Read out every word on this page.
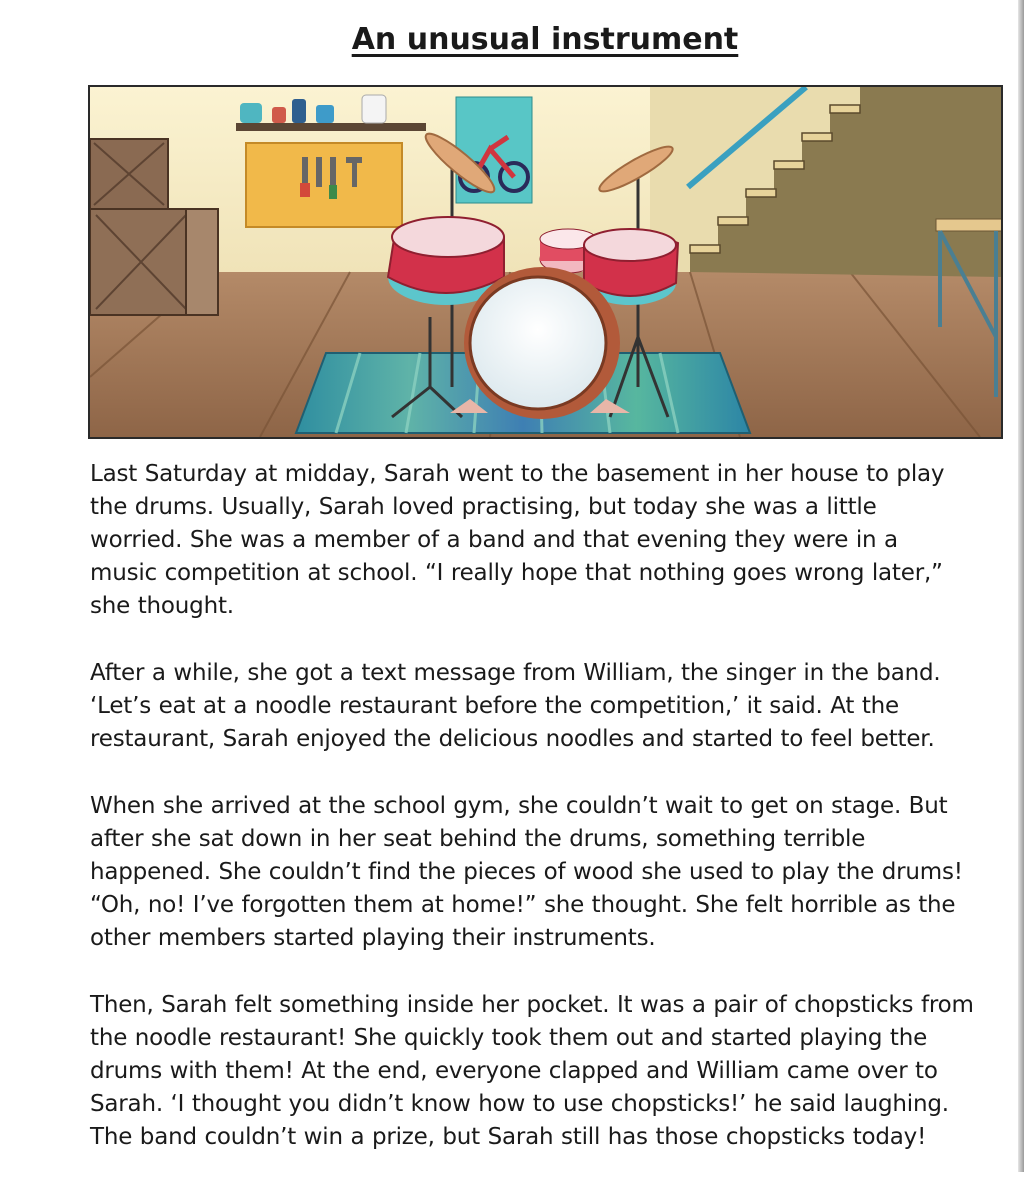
An unusual instrument

Last Saturday at midday, Sarah went to the basement in her house to play
the drums. Usually, Sarah loved practising, but today she was a little
worried. She was a member of a band and that evening they were in a
music competition at school. “I really hope that nothing goes wrong later,”
she thought.

After a while, she got a text message from William, the singer in the band.
‘Let’s eat at a noodle restaurant before the competition,’ it said. At the
restaurant, Sarah enjoyed the delicious noodles and started to feel better.

When she arrived at the school gym, she couldn’t wait to get on stage. But
after she sat down in her seat behind the drums, something terrible
happened. She couldn’t find the pieces of wood she used to play the drums!
“Oh, no! I’ve forgotten them at home!” she thought. She felt horrible as the
other members started playing their instruments.

Then, Sarah felt something inside her pocket. It was a pair of chopsticks from
the noodle restaurant! She quickly took them out and started playing the
drums with them! At the end, everyone clapped and William came over to
Sarah. ‘I thought you didn’t know how to use chopsticks!’ he said laughing.
The band couldn’t win a prize, but Sarah still has those chopsticks today!
